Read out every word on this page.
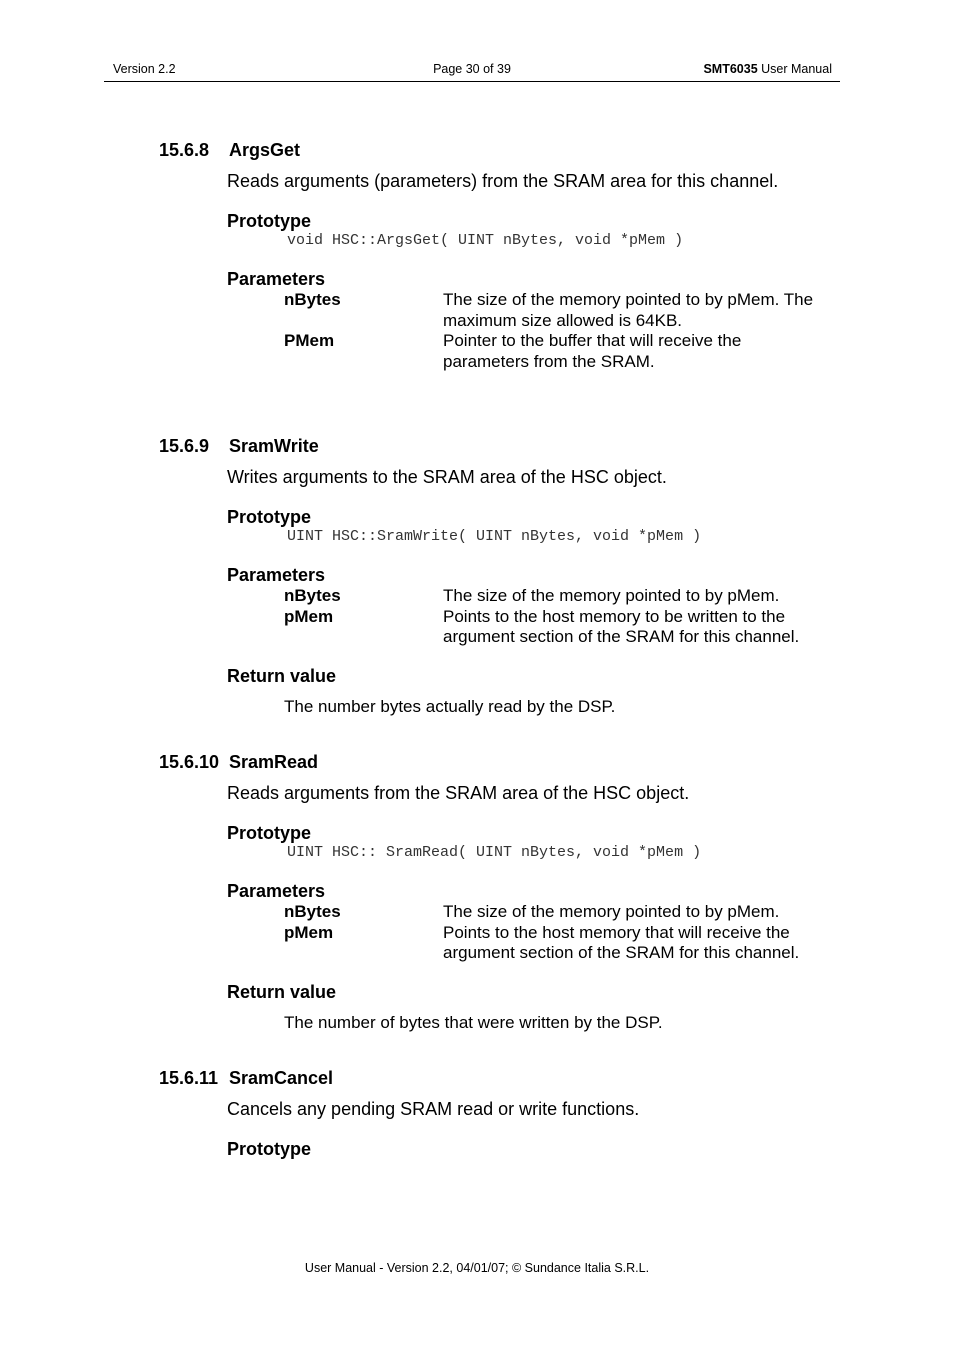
Version 2.2	Page 30 of 39	SMT6035 User Manual
15.6.8 ArgsGet
Reads arguments (parameters) from the SRAM area for this channel.
Prototype
void HSC::ArgsGet( UINT nBytes, void *pMem )
Parameters
nBytes	The size of the memory pointed to by pMem. The
maximum size allowed is 64KB.
PMem	Pointer to the buffer that will receive the
parameters from the SRAM.
15.6.9 SramWrite
Writes arguments to the SRAM area of the HSC object.
Prototype
UINT HSC::SramWrite( UINT nBytes, void *pMem )
Parameters
nBytes	The size of the memory pointed to by pMem.
pMem	Points to the host memory to be written to the
argument section of the SRAM for this channel.
Return value
The number bytes actually read by the DSP.
15.6.10 SramRead
Reads arguments from the SRAM area of the HSC object.
Prototype
UINT HSC:: SramRead( UINT nBytes, void *pMem )
Parameters
nBytes	The size of the memory pointed to by pMem.
pMem	Points to the host memory that will receive the
argument section of the SRAM for this channel.
Return value
The number of bytes that were written by the DSP.
15.6.11 SramCancel
Cancels any pending SRAM read or write functions.
Prototype
User Manual - Version 2.2, 04/01/07; © Sundance Italia S.R.L.
